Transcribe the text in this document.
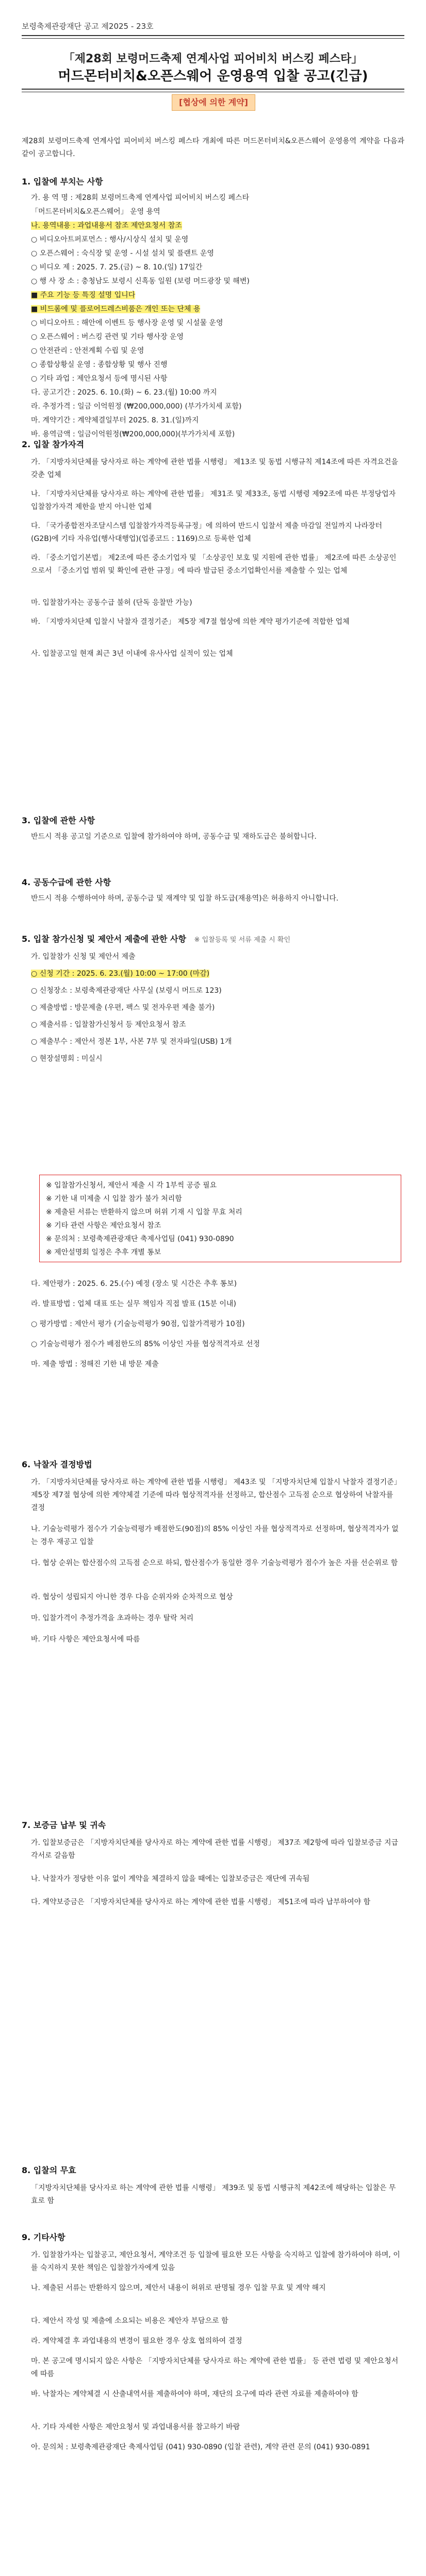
보령축제관광재단 공고 제2025 - 23호
「제28회 보령머드축제 연계사업 피어비치 버스킹 페스타」
머드몬터비치&오픈스웨어 운영용역 입찰 공고(긴급)
[협상에 의한 계약]
제28회 보령머드축제 연계사업 피어비치 버스킹 페스타 개최에 따른 머드몬터비치&오픈스웨어 운영용역 계약을 다음과 같이 공고합니다.
1. 입찰에 부치는 사항
가. 용 역 명 : 제28회 보령머드축제 연계사업 피어비치 버스킹 페스타
「머드몬터비치&오픈스웨어」 운영 용역
나. 용역내용 : 과업내용서 참조 제안요청서 참조
○ 비디오아트퍼포먼스 : 행사/시상식 설치 및 운영
○ 오픈스웨어 : 숙식장 및 운영 - 시설 설치 및 플랜트 운영
○ 비디오 제 : 2025. 7. 25.(금) ~ 8. 10.(일) 17일간
○ 행 사 장 소 : 충청남도 보령시 신흑동 일원 (보령 머드광장 및 해변)
■ 주요 기능 등 특징 설명 입니다
■ 비드롬에 및 플로어드레스비품은 개인 또는 단체 용
○ 비디오아트 : 해안에 이벤트 등 행사장 운영 및 시설물 운영
○ 오픈스웨어 : 버스킹 관련 및 기타 행사장 운영
○ 안전관리 : 안전계획 수립 및 운영
○ 종합상황실 운영 : 종합상황 및 행사 진행
○ 기타 과업 : 제안요청서 등에 명시된 사항
다. 공고기간 : 2025. 6. 10.(화) ~ 6. 23.(월) 10:00 까지
라. 추정가격 : 일금 이억원정 (₩200,000,000) (부가가치세 포함)
마. 계약기간 : 계약체결일부터 2025. 8. 31.(일)까지
바. 용역금액 : 일금이억원정(₩200,000,000)(부가가치세 포함)
2. 입찰 참가자격
가. 「지방자치단체를 당사자로 하는 계약에 관한 법률 시행령」 제13조 및 동법 시행규칙 제14조에 따른 자격요건을 갖춘 업체
나. 「지방자치단체를 당사자로 하는 계약에 관한 법률」 제31조 및 제33조, 동법 시행령 제92조에 따른 부정당업자 입찰참가자격 제한을 받지 아니한 업체
다. 「국가종합전자조달시스템 입찰참가자격등록규정」에 의하여 반드시 입찰서 제출 마감일 전일까지 나라장터(G2B)에 기타 자유업(행사대행업)(업종코드 : 1169)으로 등록한 업체
라. 「중소기업기본법」 제2조에 따른 중소기업자 및 「소상공인 보호 및 지원에 관한 법률」 제2조에 따른 소상공인으로서 「중소기업 범위 및 확인에 관한 규정」에 따라 발급된 중소기업확인서를 제출할 수 있는 업체
마. 입찰참가자는 공동수급 불허 (단독 응찰만 가능)
바. 「지방자치단체 입찰시 낙찰자 결정기준」 제5장 제7절 협상에 의한 계약 평가기준에 적합한 업체
사. 입찰공고일 현재 최근 3년 이내에 유사사업 실적이 있는 업체
3. 입찰에 관한 사항
반드시 적용 공고일 기준으로 입찰에 참가하여야 하며, 공동수급 및 재하도급은 불허합니다.
4. 공동수급에 관한 사항
반드시 적용 수행하여야 하며, 공동수급 및 재계약 및 입찰 하도급(재용역)은 허용하지 아니합니다.
5. 입찰 참가신청 및 제안서 제출에 관한 사항 ※ 입찰등록 및 서류 제출 시 확인
가. 입찰참가 신청 및 제안서 제출
○ 신청 기간 : 2025. 6. 23.(월) 10:00 ~ 17:00 (마감)
○ 신청장소 : 보령축제관광재단 사무실 (보령시 머드로 123)
○ 제출방법 : 방문제출 (우편, 팩스 및 전자우편 제출 불가)
○ 제출서류 : 입찰참가신청서 등 제안요청서 참조
○ 제출부수 : 제안서 정본 1부, 사본 7부 및 전자파일(USB) 1개
○ 현장설명회 : 미실시
※ 입찰참가신청서, 제안서 제출 시 각 1부씩 공증 필요
※ 기한 내 미제출 시 입찰 참가 불가 처리함
※ 제출된 서류는 반환하지 않으며 허위 기재 시 입찰 무효 처리
※ 기타 관련 사항은 제안요청서 참조
※ 문의처 : 보령축제관광재단 축제사업팀 (041) 930-0890
※ 제안설명회 일정은 추후 개별 통보
다. 제안평가 : 2025. 6. 25.(수) 예정 (장소 및 시간은 추후 통보)
라. 발표방법 : 업체 대표 또는 실무 책임자 직접 발표 (15분 이내)
○ 평가방법 : 제안서 평가 (기술능력평가 90점, 입찰가격평가 10점)
○ 기술능력평가 점수가 배점한도의 85% 이상인 자를 협상적격자로 선정
마. 제출 방법 : 정해진 기한 내 방문 제출
6. 낙찰자 결정방법
가. 「지방자치단체를 당사자로 하는 계약에 관한 법률 시행령」 제43조 및 「지방자치단체 입찰시 낙찰자 결정기준」 제5장 제7절 협상에 의한 계약체결 기준에 따라 협상적격자를 선정하고, 합산점수 고득점 순으로 협상하여 낙찰자를 결정
나. 기술능력평가 점수가 기술능력평가 배점한도(90점)의 85% 이상인 자를 협상적격자로 선정하며, 협상적격자가 없는 경우 재공고 입찰
다. 협상 순위는 합산점수의 고득점 순으로 하되, 합산점수가 동일한 경우 기술능력평가 점수가 높은 자를 선순위로 함
라. 협상이 성립되지 아니한 경우 다음 순위자와 순차적으로 협상
마. 입찰가격이 추정가격을 초과하는 경우 탈락 처리
바. 기타 사항은 제안요청서에 따름
7. 보증금 납부 및 귀속
가. 입찰보증금은 「지방자치단체를 당사자로 하는 계약에 관한 법률 시행령」 제37조 제2항에 따라 입찰보증금 지급각서로 갈음함
나. 낙찰자가 정당한 이유 없이 계약을 체결하지 않을 때에는 입찰보증금은 재단에 귀속됨
다. 계약보증금은 「지방자치단체를 당사자로 하는 계약에 관한 법률 시행령」 제51조에 따라 납부하여야 함
8. 입찰의 무효
「지방자치단체를 당사자로 하는 계약에 관한 법률 시행령」 제39조 및 동법 시행규칙 제42조에 해당하는 입찰은 무효로 함
9. 기타사항
가. 입찰참가자는 입찰공고, 제안요청서, 계약조건 등 입찰에 필요한 모든 사항을 숙지하고 입찰에 참가하여야 하며, 이를 숙지하지 못한 책임은 입찰참가자에게 있음
나. 제출된 서류는 반환하지 않으며, 제안서 내용이 허위로 판명될 경우 입찰 무효 및 계약 해지
다. 제안서 작성 및 제출에 소요되는 비용은 제안자 부담으로 함
라. 계약체결 후 과업내용의 변경이 필요한 경우 상호 협의하여 결정
마. 본 공고에 명시되지 않은 사항은 「지방자치단체를 당사자로 하는 계약에 관한 법률」 등 관련 법령 및 제안요청서에 따름
바. 낙찰자는 계약체결 시 산출내역서를 제출하여야 하며, 재단의 요구에 따라 관련 자료를 제출하여야 함
사. 기타 자세한 사항은 제안요청서 및 과업내용서를 참고하기 바람
아. 문의처 : 보령축제관광재단 축제사업팀 (041) 930-0890 (입찰 관련), 계약 관련 문의 (041) 930-0891
